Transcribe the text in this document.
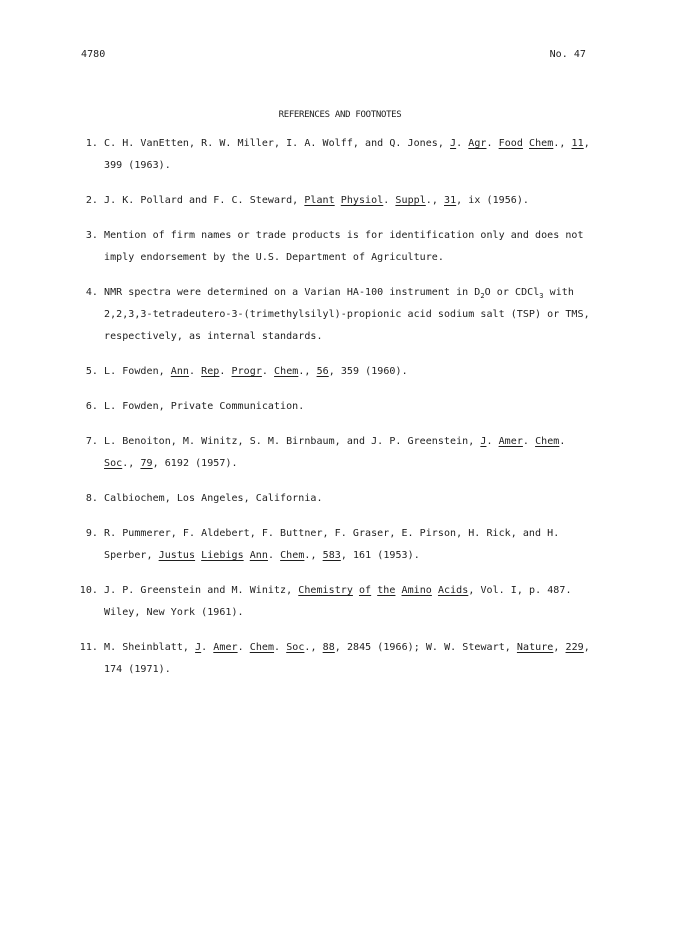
4780	No. 47
REFERENCES AND FOOTNOTES
1. C. H. VanEtten, R. W. Miller, I. A. Wolff, and Q. Jones, J. Agr. Food Chem., 11, 399 (1963).
2. J. K. Pollard and F. C. Steward, Plant Physiol. Suppl., 31, ix (1956).
3. Mention of firm names or trade products is for identification only and does not imply endorsement by the U.S. Department of Agriculture.
4. NMR spectra were determined on a Varian HA-100 instrument in $D_2O$ or CDCl$_3$ with 2,2,3,3-tetradeutero-3-(trimethylsilyl)-propionic acid sodium salt (TSP) or TMS, respectively, as internal standards.
5. L. Fowden, Ann. Rep. Progr. Chem., 56, 359 (1960).
6. L. Fowden, Private Communication.
7. L. Benoiton, M. Winitz, S. M. Birnbaum, and J. P. Greenstein, J. Amer. Chem. Soc., 79, 6192 (1957).
8. Calbiochem, Los Angeles, California.
9. R. Pummerer, F. Aldebert, F. Buttner, F. Graser, E. Pirson, H. Rick, and H. Sperber, Justus Liebigs Ann. Chem., 583, 161 (1953).
10. J. P. Greenstein and M. Winitz, Chemistry of the Amino Acids, Vol. I, p. 487. Wiley, New York (1961).
11. M. Sheinblatt, J. Amer. Chem. Soc., 88, 2845 (1966); W. W. Stewart, Nature, 229, 174 (1971).
